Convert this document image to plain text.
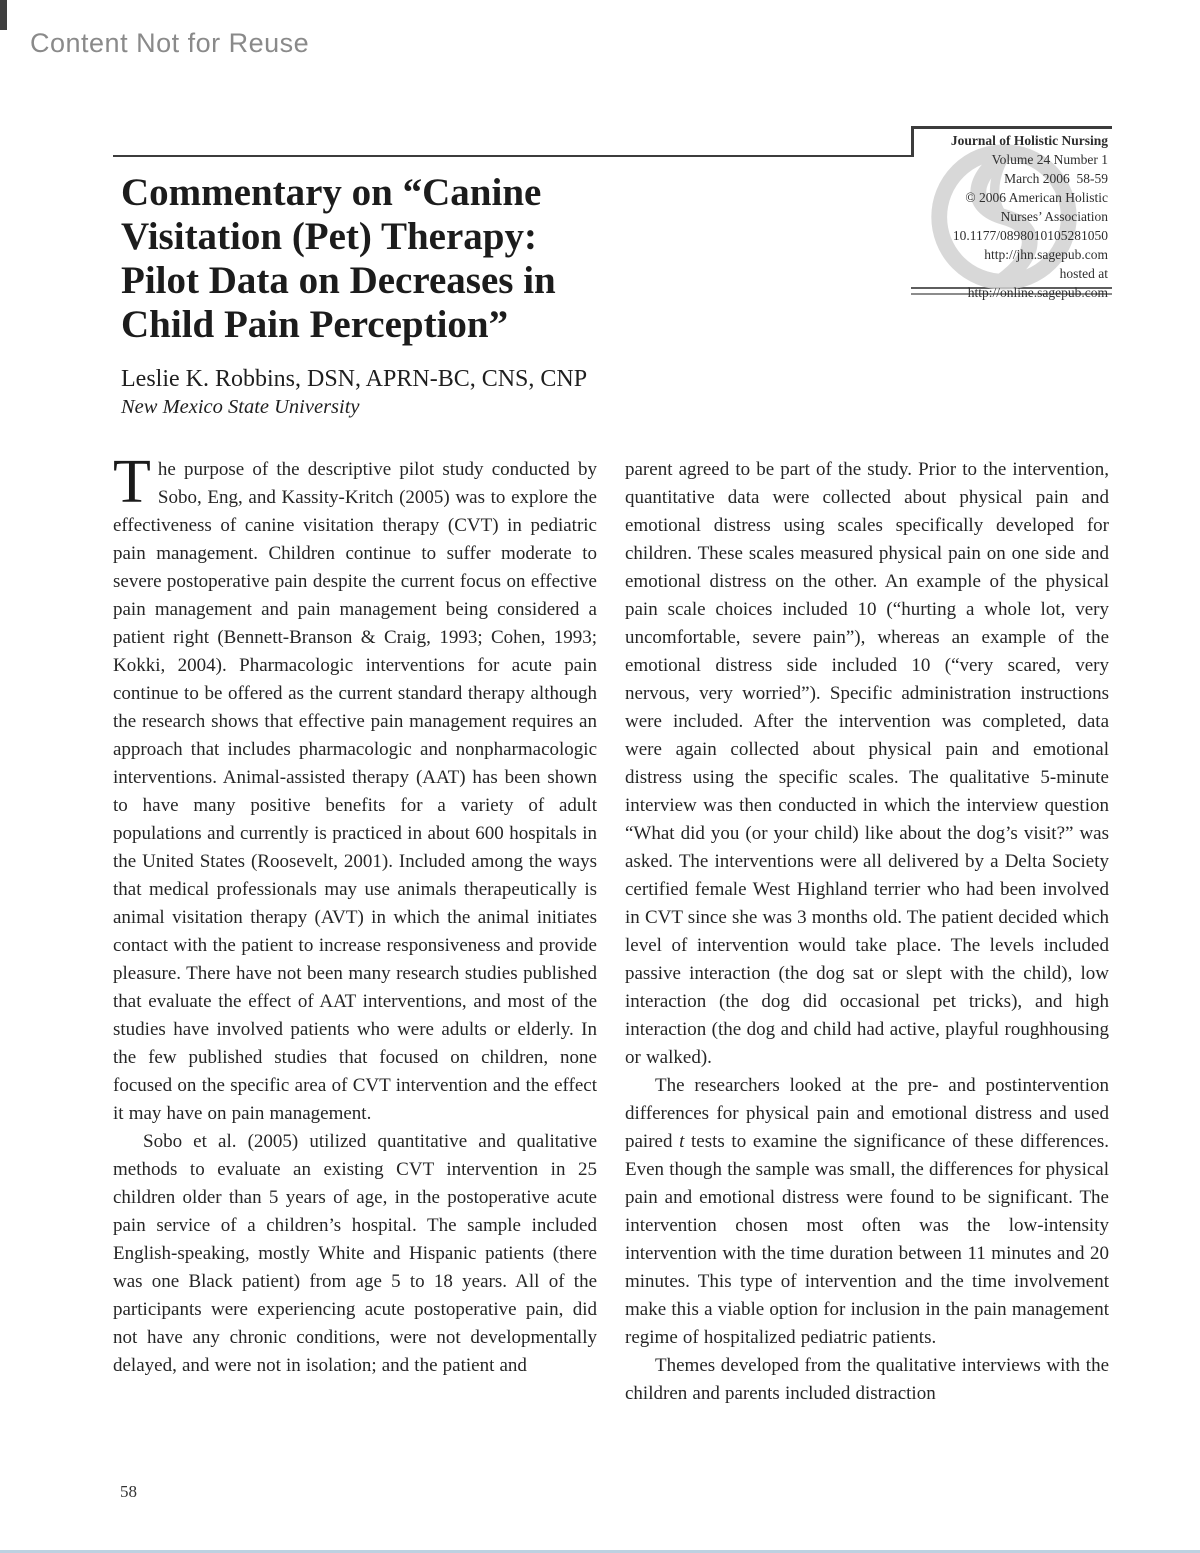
Content Not for Reuse
Journal of Holistic Nursing
Volume 24 Number 1
March 2006  58-59
© 2006 American Holistic
Nurses’ Association
10.1177/0898010105281050
http://jhn.sagepub.com
hosted at
http://online.sagepub.com
Commentary on “Canine
Visitation (Pet) Therapy:
Pilot Data on Decreases in
Child Pain Perception”
Leslie K. Robbins, DSN, APRN-BC, CNS, CNP
New Mexico State University

The purpose of the descriptive pilot study conducted by Sobo, Eng, and Kassity-Kritch (2005) was to explore the effectiveness of canine visitation therapy (CVT) in pediatric pain management. Children continue to suffer moderate to severe postoperative pain despite the current focus on effective pain management and pain management being considered a patient right (Bennett-Branson & Craig, 1993; Cohen, 1993; Kokki, 2004). Pharmacologic interventions for acute pain continue to be offered as the current standard therapy although the research shows that effective pain management requires an approach that includes pharmacologic and nonpharmacologic interventions. Animal-assisted therapy (AAT) has been shown to have many positive benefits for a variety of adult populations and currently is practiced in about 600 hospitals in the United States (Roosevelt, 2001). Included among the ways that medical professionals may use animals therapeutically is animal visitation therapy (AVT) in which the animal initiates contact with the patient to increase responsiveness and provide pleasure. There have not been many research studies published that evaluate the effect of AAT interventions, and most of the studies have involved patients who were adults or elderly. In the few published studies that focused on children, none focused on the specific area of CVT intervention and the effect it may have on pain management.

Sobo et al. (2005) utilized quantitative and qualitative methods to evaluate an existing CVT intervention in 25 children older than 5 years of age, in the postoperative acute pain service of a children’s hospital. The sample included English-speaking, mostly White and Hispanic patients (there was one Black patient) from age 5 to 18 years. All of the participants were experiencing acute postoperative pain, did not have any chronic conditions, were not developmentally delayed, and were not in isolation; and the patient and

parent agreed to be part of the study. Prior to the intervention, quantitative data were collected about physical pain and emotional distress using scales specifically developed for children. These scales measured physical pain on one side and emotional distress on the other. An example of the physical pain scale choices included 10 (“hurting a whole lot, very uncomfortable, severe pain”), whereas an example of the emotional distress side included 10 (“very scared, very nervous, very worried”). Specific administration instructions were included. After the intervention was completed, data were again collected about physical pain and emotional distress using the specific scales. The qualitative 5-minute interview was then conducted in which the interview question “What did you (or your child) like about the dog’s visit?” was asked. The interventions were all delivered by a Delta Society certified female West Highland terrier who had been involved in CVT since she was 3 months old. The patient decided which level of intervention would take place. The levels included passive interaction (the dog sat or slept with the child), low interaction (the dog did occasional pet tricks), and high interaction (the dog and child had active, playful roughhousing or walked).

The researchers looked at the pre- and postintervention differences for physical pain and emotional distress and used paired t tests to examine the significance of these differences. Even though the sample was small, the differences for physical pain and emotional distress were found to be significant. The intervention chosen most often was the low-intensity intervention with the time duration between 11 minutes and 20 minutes. This type of intervention and the time involvement make this a viable option for inclusion in the pain management regime of hospitalized pediatric patients.

Themes developed from the qualitative interviews with the children and parents included distraction

58
